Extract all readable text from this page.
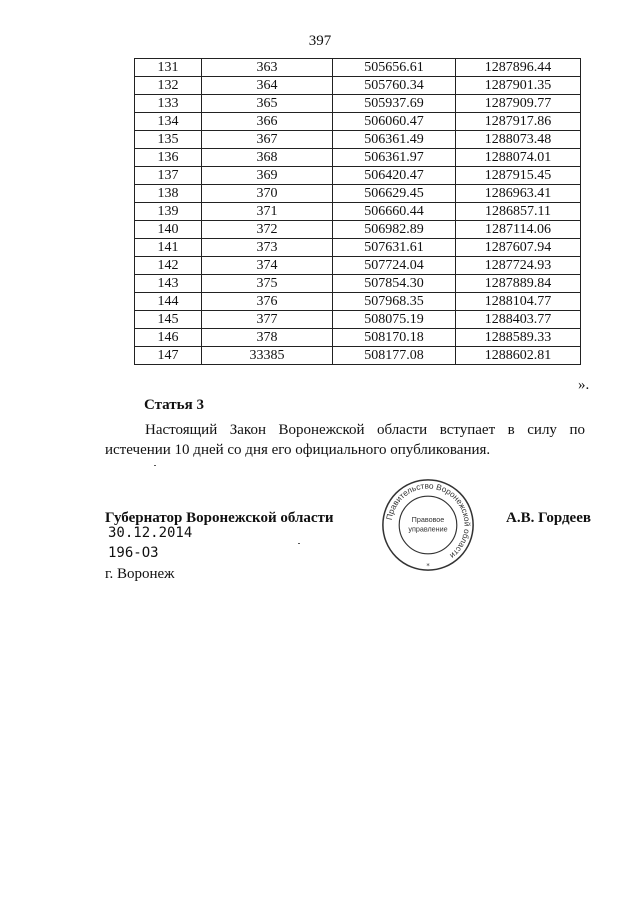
397
131	363	505656.61	1287896.44
132	364	505760.34	1287901.35
133	365	505937.69	1287909.77
134	366	506060.47	1287917.86
135	367	506361.49	1288073.48
136	368	506361.97	1288074.01
137	369	506420.47	1287915.45
138	370	506629.45	1286963.41
139	371	506660.44	1286857.11
140	372	506982.89	1287114.06
141	373	507631.61	1287607.94
142	374	507724.04	1287724.93
143	375	507854.30	1287889.84
144	376	507968.35	1288104.77
145	377	508075.19	1288403.77
146	378	508170.18	1288589.33
147	33385	508177.08	1288602.81
».
Статья 3
Настоящий Закон Воронежской области вступает в силу по истечении 10 дней со дня его официального опубликования.
Губернатор Воронежской области	А.В. Гордеев
30.12.2014
196-ОЗ
г. Воронеж
Правительство Воронежской области
Правовое
управление
*
